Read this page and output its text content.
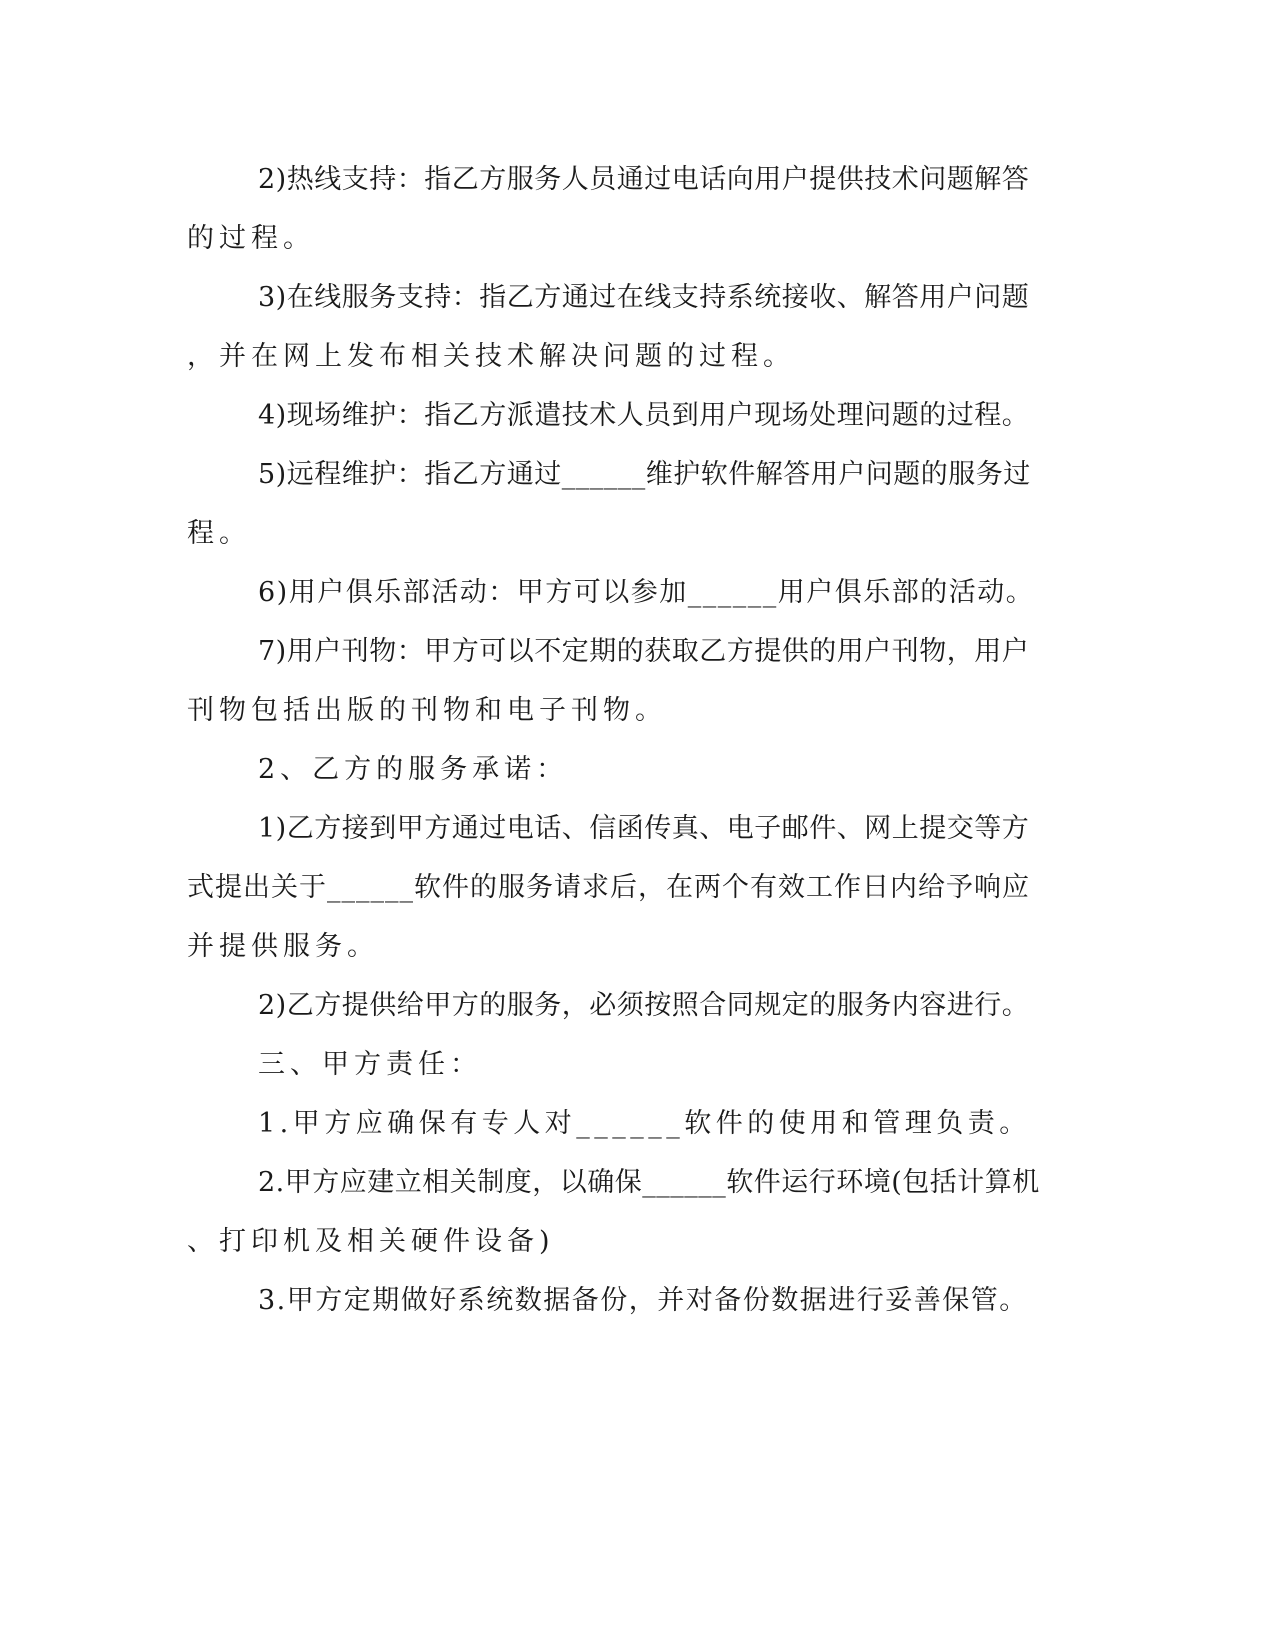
2)热线支持：指乙方服务人员通过电话向用户提供技术问题解答
的过程。
3)在线服务支持：指乙方通过在线支持系统接收、解答用户问题
，并在网上发布相关技术解决问题的过程。
4)现场维护：指乙方派遣技术人员到用户现场处理问题的过程。
5)远程维护：指乙方通过______维护软件解答用户问题的服务过
程。
6)用户俱乐部活动：甲方可以参加______用户俱乐部的活动。
7)用户刊物：甲方可以不定期的获取乙方提供的用户刊物，用户
刊物包括出版的刊物和电子刊物。
2、乙方的服务承诺：
1)乙方接到甲方通过电话、信函传真、电子邮件、网上提交等方
式提出关于______软件的服务请求后，在两个有效工作日内给予响应
并提供服务。
2)乙方提供给甲方的服务，必须按照合同规定的服务内容进行。
三、甲方责任：
1.甲方应确保有专人对______软件的使用和管理负责。
2.甲方应建立相关制度，以确保______软件运行环境(包括计算机
、打印机及相关硬件设备)
3.甲方定期做好系统数据备份，并对备份数据进行妥善保管。
